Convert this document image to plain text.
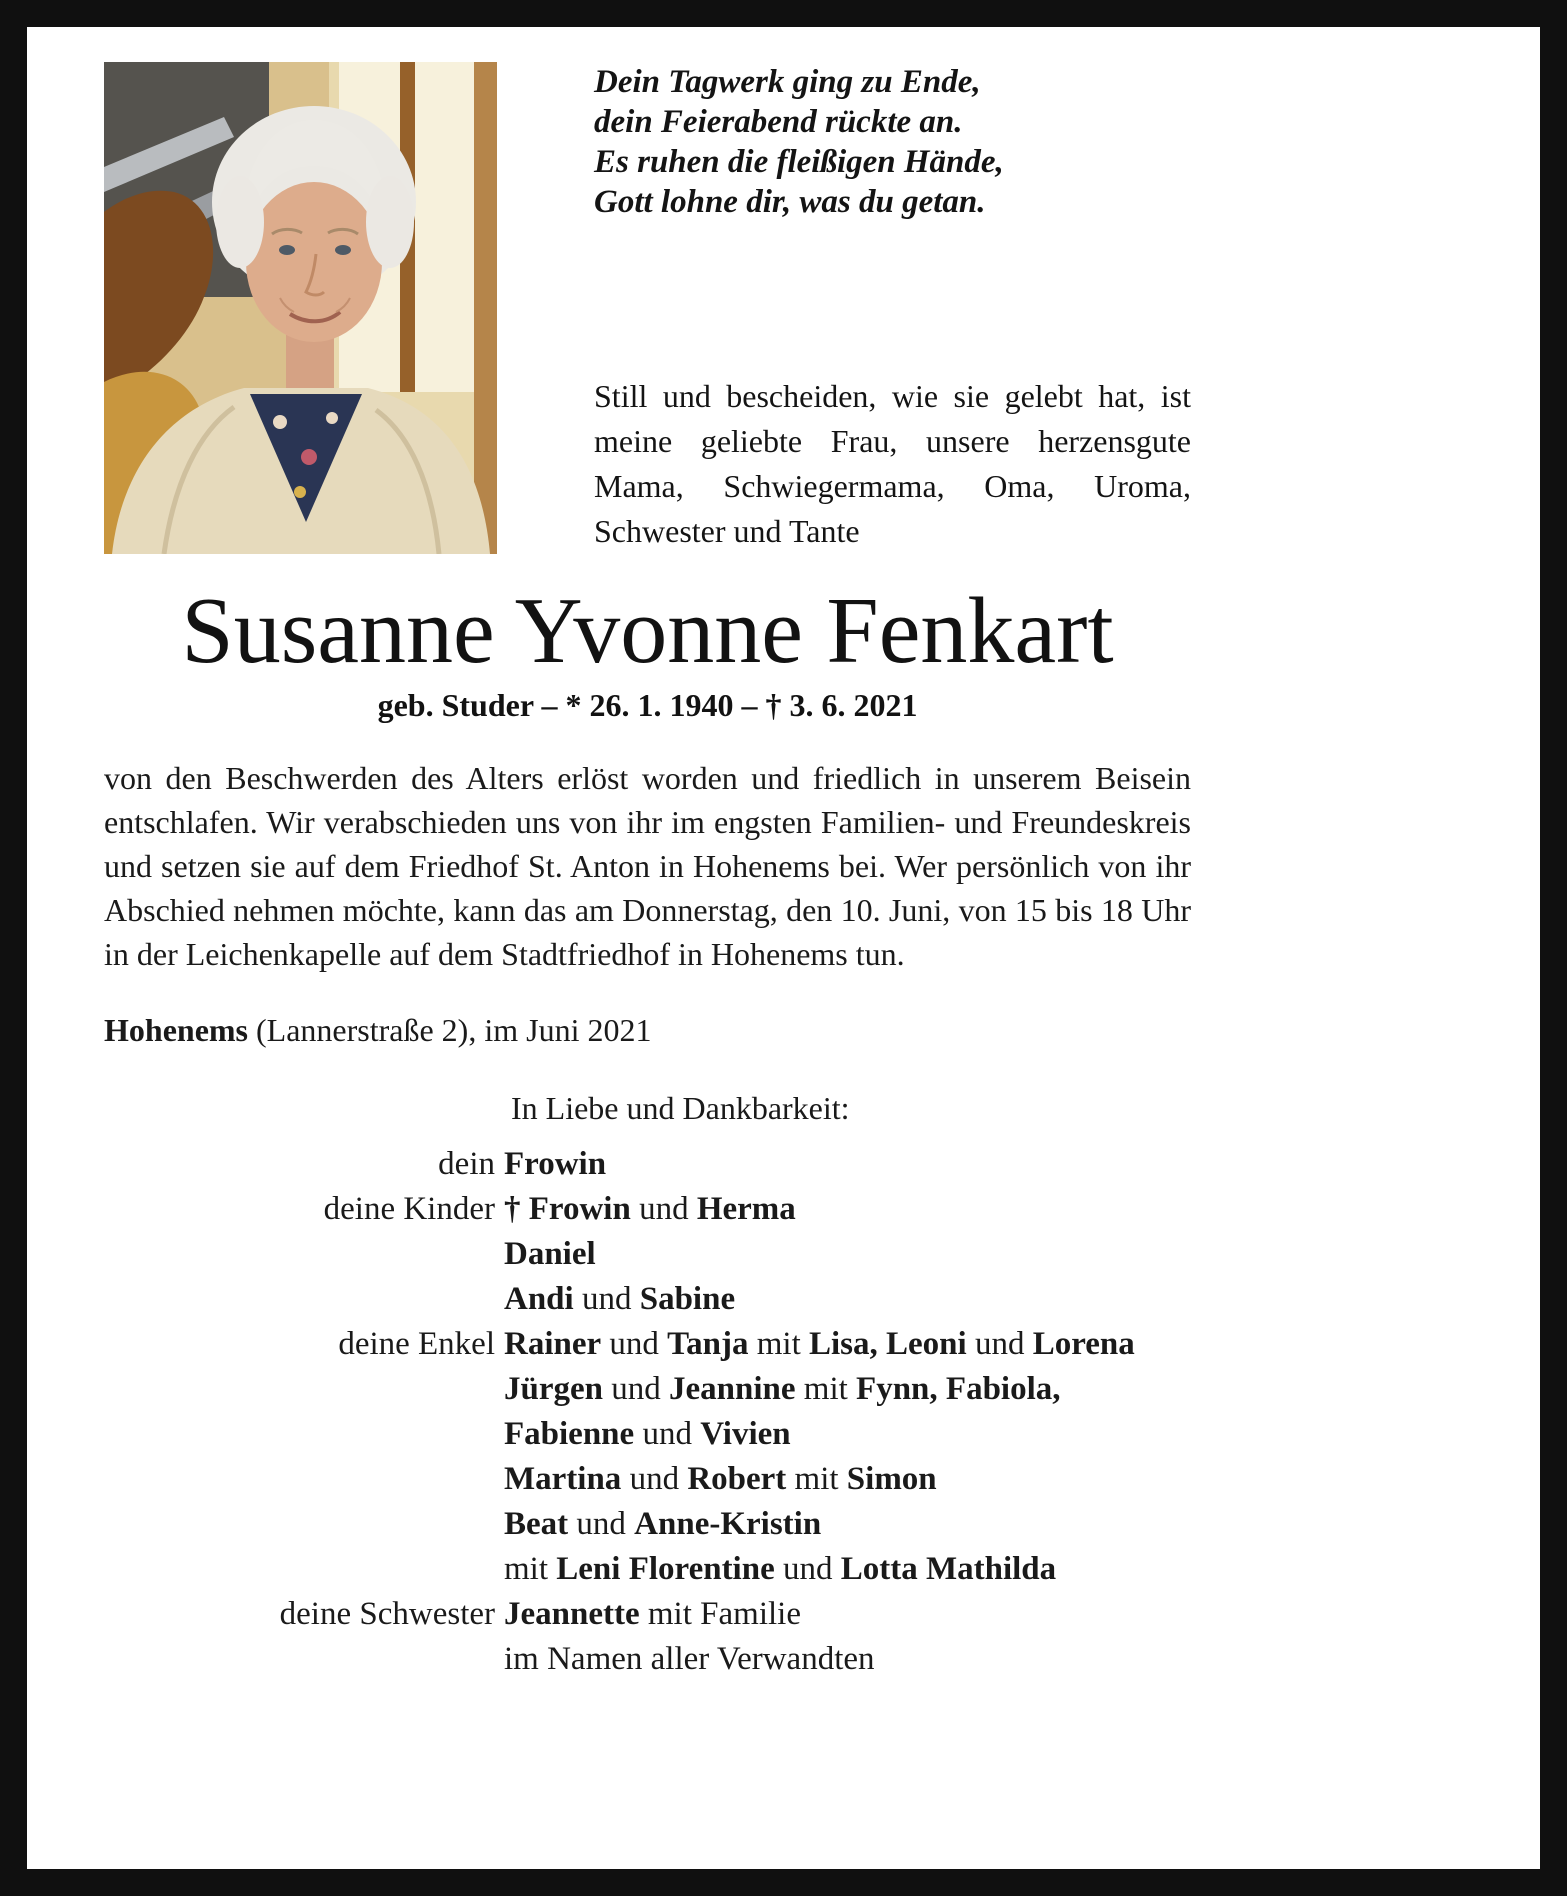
Dein Tagwerk ging zu Ende,
dein Feierabend rückte an.
Es ruhen die fleißigen Hände,
Gott lohne dir, was du getan.
Still und bescheiden, wie sie gelebt hat, ist meine geliebte Frau, unsere herzensgute Mama, Schwiegermama, Oma, Uroma, Schwester und Tante
Susanne Yvonne Fenkart
geb. Studer – * 26. 1. 1940 – † 3. 6. 2021

von den Beschwerden des Alters erlöst worden und friedlich in unserem Beisein entschlafen. Wir verabschieden uns von ihr im engsten Familien- und Freundeskreis und setzen sie auf dem Friedhof St. Anton in Hohenems bei. Wer persönlich von ihr Abschied nehmen möchte, kann das am Donnerstag, den 10. Juni, von 15 bis 18 Uhr in der Leichenkapelle auf dem Stadtfriedhof in Hohenems tun.

Hohenems (Lannerstraße 2), im Juni 2021

In Liebe und Dankbarkeit:
dein Frowin
deine Kinder † Frowin und Herma
Daniel
Andi und Sabine
deine Enkel Rainer und Tanja mit Lisa, Leoni und Lorena
Jürgen und Jeannine mit Fynn, Fabiola,
Fabienne und Vivien
Martina und Robert mit Simon
Beat und Anne-Kristin
mit Leni Florentine und Lotta Mathilda
deine Schwester Jeannette mit Familie
im Namen aller Verwandten
